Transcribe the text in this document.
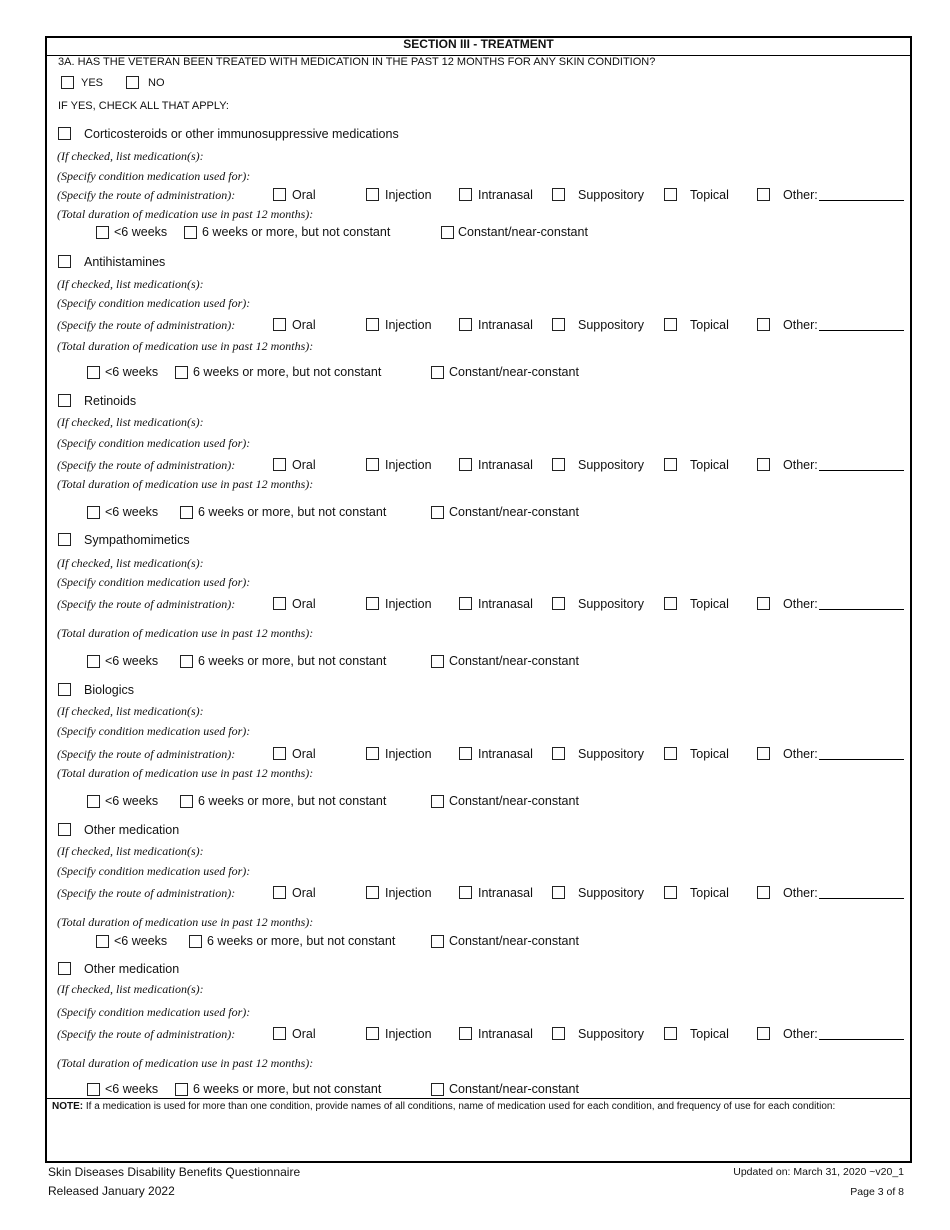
SECTION III - TREATMENT
3A. HAS THE VETERAN BEEN TREATED WITH MEDICATION IN THE PAST 12 MONTHS FOR ANY SKIN CONDITION?
YES	NO
IF YES, CHECK ALL THAT APPLY:
Corticosteroids or other immunosuppressive medications
(If checked, list medication(s):
(Specify condition medication used for):
(Specify the route of administration):	Oral	Injection	Intranasal	Suppository	Topical	Other:
(Total duration of medication use in past 12 months):
<6 weeks	6 weeks or more, but not constant	Constant/near-constant
Antihistamines
(If checked, list medication(s):
(Specify condition medication used for):
(Specify the route of administration):	Oral	Injection	Intranasal	Suppository	Topical	Other:
(Total duration of medication use in past 12 months):
<6 weeks	6 weeks or more, but not constant	Constant/near-constant
Retinoids
(If checked, list medication(s):
(Specify condition medication used for):
(Specify the route of administration):	Oral	Injection	Intranasal	Suppository	Topical	Other:
(Total duration of medication use in past 12 months):
<6 weeks	6 weeks or more, but not constant	Constant/near-constant
Sympathomimetics
(If checked, list medication(s):
(Specify condition medication used for):
(Specify the route of administration):	Oral	Injection	Intranasal	Suppository	Topical	Other:
(Total duration of medication use in past 12 months):
<6 weeks	6 weeks or more, but not constant	Constant/near-constant
Biologics
(If checked, list medication(s):
(Specify condition medication used for):
(Specify the route of administration):	Oral	Injection	Intranasal	Suppository	Topical	Other:
(Total duration of medication use in past 12 months):
<6 weeks	6 weeks or more, but not constant	Constant/near-constant
Other medication
(If checked, list medication(s):
(Specify condition medication used for):
(Specify the route of administration):	Oral	Injection	Intranasal	Suppository	Topical	Other:
(Total duration of medication use in past 12 months):
<6 weeks	6 weeks or more, but not constant	Constant/near-constant
Other medication
(If checked, list medication(s):
(Specify condition medication used for):
(Specify the route of administration):	Oral	Injection	Intranasal	Suppository	Topical	Other:
(Total duration of medication use in past 12 months):
<6 weeks	6 weeks or more, but not constant	Constant/near-constant
NOTE: If a medication is used for more than one condition, provide names of all conditions, name of medication used for each condition, and frequency of use for each condition:
Skin Diseases Disability Benefits Questionnaire
Released January 2022
Updated on: March 31, 2020 ~v20_1
Page 3 of 8
